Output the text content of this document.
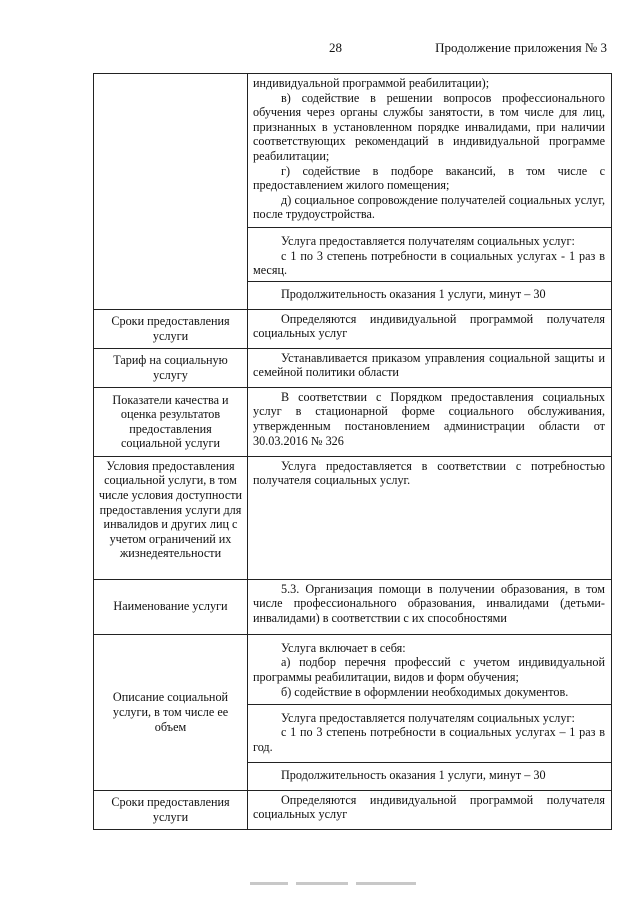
28	Продолжение приложения № 3

	индивидуальной программой реабилитации);

в) содействие в решении вопросов профессионального обучения через органы службы занятости, в том числе для лиц, признанных в установленном порядке инвалидами, при наличии соответствующих рекомендаций в индивидуальной программе реабилитации;

г) содействие в подборе вакансий, в том числе с предоставлением жилого помещения;

д) социальное сопровождение получателей социальных услуг, после трудоустройства.

	Услуга предоставляется получателям социальных услуг:

с 1 по 3 степень потребности в социальных услугах - 1 раз в месяц.

	Продолжительность оказания 1 услуги, минут – 30

Сроки предоставления услуги	Определяются индивидуальной программой получателя социальных услуг

Тариф на социальную услугу	Устанавливается приказом управления социальной защиты и семейной политики области

Показатели качества и оценка результатов предоставления социальной услуги	В соответствии с Порядком предоставления социальных услуг в стационарной форме социального обслуживания, утвержденным постановлением администрации области от 30.03.2016 № 326

Условия предоставления социальной услуги, в том числе условия доступности предоставления услуги для инвалидов и других лиц с учетом ограничений их жизнедеятельности	Услуга предоставляется в соответствии с потребностью получателя социальных услуг.

Наименование услуги	5.3. Организация помощи в получении образования, в том числе профессионального образования, инвалидами (детьми-инвалидами) в соответствии с их способностями

Описание социальной услуги, в том числе ее объем	Услуга включает в себя:

а) подбор перечня профессий с учетом индивидуальной программы реабилитации, видов и форм обучения;

б) содействие в оформлении необходимых документов.

	Услуга предоставляется получателям социальных услуг:

с 1 по 3 степень потребности в социальных услугах – 1 раз в год.

	Продолжительность оказания 1 услуги, минут – 30

Сроки предоставления услуги	Определяются индивидуальной программой получателя социальных услуг
